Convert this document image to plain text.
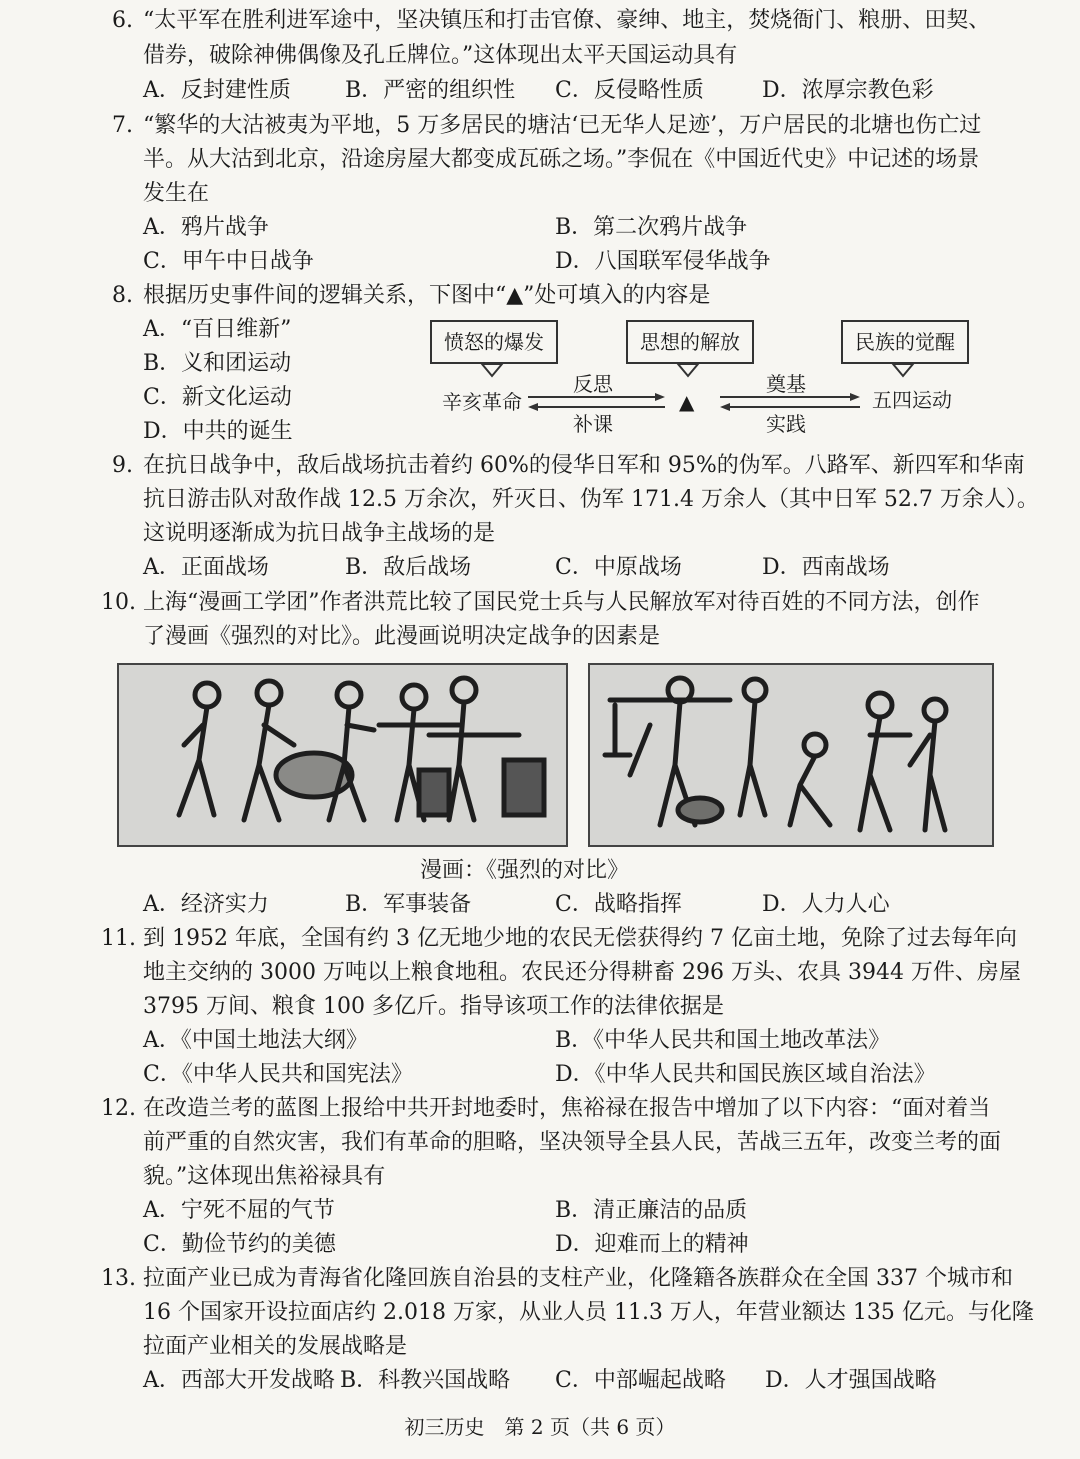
6. “太平军在胜利进军途中，坚决镇压和打击官僚、豪绅、地主，焚烧衙门、粮册、田契、
借券，破除神佛偶像及孔丘牌位。”这体现出太平天国运动具有
A．反封建性质 B．严密的组织性 C．反侵略性质	D．浓厚宗教色彩
7. “繁华的大沽被夷为平地，5 万多居民的塘沽‘已无华人足迹’，万户居民的北塘也伤亡过
半。从大沽到北京，沿途房屋大都变成瓦砾之场。”李侃在《中国近代史》中记述的场景
发生在
A．鸦片战争	B．第二次鸦片战争
C．甲午中日战争	D．八国联军侵华战争
8. 根据历史事件间的逻辑关系，下图中“▲”处可填入的内容是
A．“百日维新”
B．义和团运动
C．新文化运动
D．中共的诞生
愤怒的爆发	思想的解放	民族的觉醒
辛亥革命	五四运动
反思
补课
奠基
实践
▲
9. 在抗日战争中，敌后战场抗击着约 60%的侵华日军和 95%的伪军。八路军、新四军和华南
抗日游击队对敌作战 12.5 万余次，歼灭日、伪军 171.4 万余人（其中日军 52.7 万余人）。
这说明逐渐成为抗日战争主战场的是
A．正面战场	B．敌后战场	C．中原战场	D．西南战场
10. 上海“漫画工学团”作者洪荒比较了国民党士兵与人民解放军对待百姓的不同方法，创作
了漫画《强烈的对比》。此漫画说明决定战争的因素是
漫画：《强烈的对比》
A．经济实力	B．军事装备	C．战略指挥	D．人力人心
11. 到 1952 年底，全国有约 3 亿无地少地的农民无偿获得约 7 亿亩土地，免除了过去每年向
地主交纳的 3000 万吨以上粮食地租。农民还分得耕畜 296 万头、农具 3944 万件、房屋
3795 万间、粮食 100 多亿斤。指导该项工作的法律依据是
A．《中国土地法大纲》	B．《中华人民共和国土地改革法》
C．《中华人民共和国宪法》	D．《中华人民共和国民族区域自治法》
12. 在改造兰考的蓝图上报给中共开封地委时，焦裕禄在报告中增加了以下内容：“面对着当
前严重的自然灾害，我们有革命的胆略，坚决领导全县人民，苦战三五年，改变兰考的面
貌。”这体现出焦裕禄具有
A．宁死不屈的气节	B．清正廉洁的品质
C．勤俭节约的美德	D．迎难而上的精神
13. 拉面产业已成为青海省化隆回族自治县的支柱产业，化隆籍各族群众在全国 337 个城市和
16 个国家开设拉面店约 2.018 万家，从业人员 11.3 万人，年营业额达 135 亿元。与化隆
拉面产业相关的发展战略是
A．西部大开发战略 B．科教兴国战略 C．中部崛起战略 D．人才强国战略
初三历史　第 2 页（共 6 页）
